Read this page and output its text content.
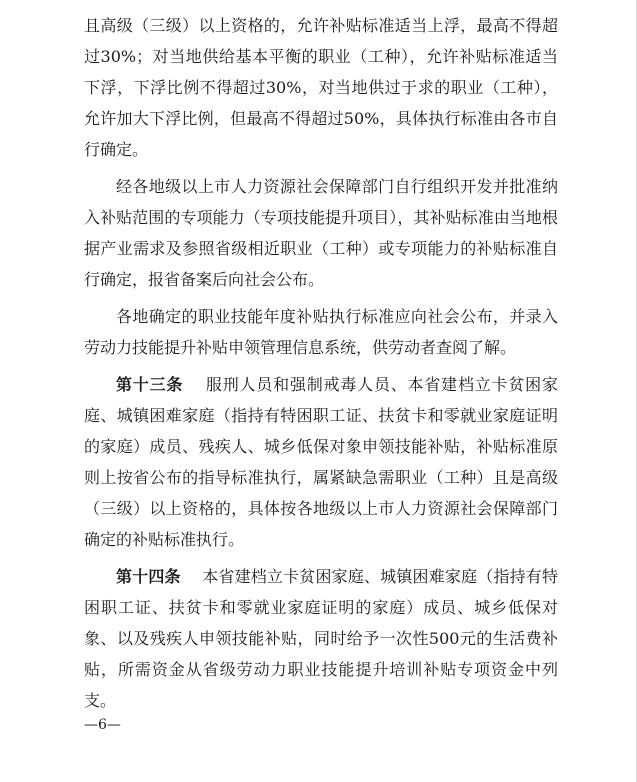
且高级（三级）以上资格的，允许补贴标准适当上浮，最高不得超过30%；对当地供给基本平衡的职业（工种），允许补贴标准适当下浮，下浮比例不得超过30%，对当地供过于求的职业（工种），允许加大下浮比例，但最高不得超过50%，具体执行标准由各市自行确定。

经各地级以上市人力资源社会保障部门自行组织开发并批准纳入补贴范围的专项能力（专项技能提升项目），其补贴标准由当地根据产业需求及参照省级相近职业（工种）或专项能力的补贴标准自行确定，报省备案后向社会公布。

各地确定的职业技能年度补贴执行标准应向社会公布，并录入劳动力技能提升补贴申领管理信息系统，供劳动者查阅了解。

第十三条 　 服刑人员和强制戒毒人员、本省建档立卡贫困家庭、城镇困难家庭（指持有特困职工证、扶贫卡和零就业家庭证明的家庭）成员、残疾人、城乡低保对象申领技能补贴，补贴标准原则上按省公布的指导标准执行，属紧缺急需职业（工种）且是高级（三级）以上资格的，具体按各地级以上市人力资源社会保障部门确定的补贴标准执行。

第十四条 　 本省建档立卡贫困家庭、城镇困难家庭（指持有特困职工证、扶贫卡和零就业家庭证明的家庭）成员、城乡低保对象、以及残疾人申领技能补贴，同时给予一次性500元的生活费补贴，所需资金从省级劳动力职业技能提升培训补贴专项资金中列支。

—6—
